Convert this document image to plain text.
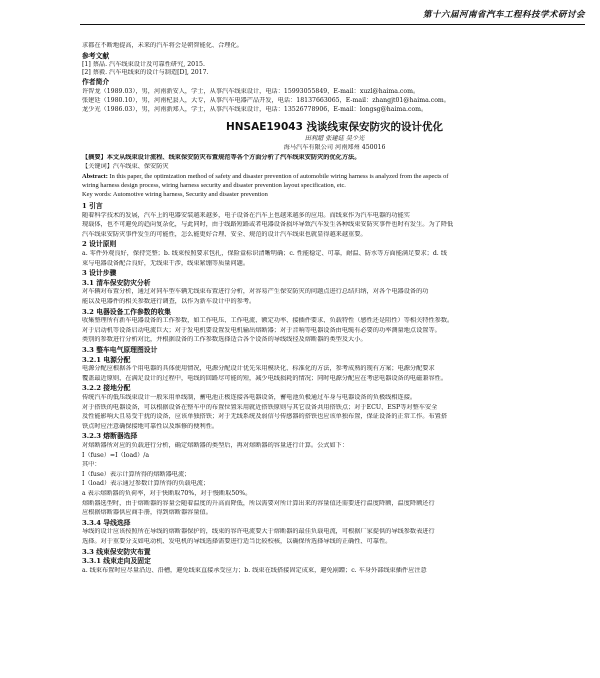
第十六届河南省汽车工程科技学术研讨会
求都在不断地提高，未来的汽车将会是朝智能化、合理化。
参考文献
[1] 蔡晶. 汽车线束设计及可靠性研究, 2015.
[2] 蔡毅. 汽车电线束的设计与制造[D], 2017.
作者简介
许智龙（1989.03），男，河南新安人，学士，从事汽车线束设计，电话：15993055849，E-mail：xuzl@haima.com。
张建廷（1980.10），男，河南杞县人，大专，从事汽车电器产品开发，电话：18137663065，E-mail：zhangjt01@haima.com。
龙少光（1986.03），男，河南新郑人，学士，从事汽车线束设计，电话：13526778906，E-mail：longsg@haima.com。
HNSAE19043 浅谈线束保安防灾的设计优化
田利超 张建廷 吴少光
海马汽车有限公司 河南郑州 450016
【摘要】本文从线束设计流程、线束保安防灾布置规范等各个方面分析了汽车线束安防灾的优化方法。
【关键词】汽车线束、保安防灾
Abstract: In this paper, the optimization method of safety and disaster prevention of automobile wiring harness is analyzed from the aspects of
wiring harness design process, wiring harness security and disaster prevention layout specification, etc.
Key words: Automotive wiring harness, Security and disaster prevention
1 引言
随着科学技术的发展，汽车上的电器安装越来越多，电子设备在汽车上也越来越多的应用。而线束作为汽车电器的功能实
现载体，也不可避免的趋向复杂化，与此同时，由于线路短路或者电器设备损坏导致汽车发生各种线束安防灾事件也时有发生。为了降低
汽车线束安防灾事件发生的可能性，怎么能更好合理、安全、规范的设计汽车线束也就显得越来越重要。
2 设计原则
a. 零件外观良好，保持完整；b. 线束按照要求包扎，保险盒标识清晰明确；c. 性能稳定、可靠，耐温、防水等方面能满足要求；d. 线
束与电器设备配合良好，无线束干涉，线束紧绷等质量问题。
3 设计步骤
3.1 清车保安防灾分析
对车辆对布置分析，通过对同车型车辆无线束布置进行分析，对容易产生保安防灾的问题点进行总结归纳，对各个电器设备的功
能以及电器件的相关参数进行调查，以作为新车设计中的参考。
3.2 电器设备工作参数的收集
收集整理所有新车电器设备的工作参数，如工作电压、工作电流、额定功率、接插件要求、负载特性（感性还是阻性）等相关特性参数。
对于启动机等设备启动电流巨大；对于发电机要设置发电机输出熔断器；对于音响等电器设备由电缆有必要的功率测量地点设置等。
类别的参数进行分析对比，并根据设备的工作参数选择适合各个设备的导线线径及熔断器的类型及大小。
3.3 整车电气原理图设计
3.2.1 电源分配
电源分配应根据各个用电器的具体使用情况，电源分配设计优先采用模块化、标准化的方法，参考成熟的现有方案；电源分配要求
覆盖最近原则，在满足设计的过程中，电线的回路尽可能的短，减少电线损耗的情况；同时电源分配应在考虑电器设备的电磁兼容性。
3.2.2 接地分配
传统汽车的低压线束设计一般采用单线制，蓄电池正极连接各电器设备，蓄电池负极通过车身与电器设备的负极线相连接。
对于搭铁的电器设备，可以根据设备在整车中的布置位置采用就近搭铁原则与其它设备共用搭铁点；对于ECU、ESP等对整车安全
及性能影响大且易受干扰的设备，应该单独搭铁；对于无线系统及弱信号传感器的搭铁也应该单独布置，保证设备的正常工作。布置搭
铁点时应注意确保接地可靠性以及维修的便利性。
3.2.3 熔断器选择
对熔断器所对应的负载进行分析，确定熔断器的类型后，再对熔断器的容量进行计算。公式如下：
I（fuse）=I（load）/a
其中：
I（fuse）表示计算所得的熔断器电流；
I（load）表示通过参数计算所得的负载电流；
a 表示熔断器的负荷率，对于快断取70%，对于慢断取50%。
熔断器选型时，由于熔断器的容量会随着温度的升高而降低，所以需要对所计算出来的容量值还需要进行温度降额，温度降额还行
应根据熔断器供应商手册，得到熔断器容量值。
3.3.4 导线选择
导线的设计应该按照所在导线的熔断器保护的，线束的容许电流要大于熔断器的最佳负载电流，可根据厂家提供的导线参数表进行
选择。对于重要分支如电动机、发电机的导线选择需要进行适当比较校核，以确保所选择导线的正确性、可靠性。
3.3 线束保安防灾布置
3.3.1 线束走向及固定
a. 线束布置时应尽量沿边、沿槽，避免线束直接承受应力；b. 线束在线搭接固定成束，避免剐蹭；c. 车身外部线束插件应注意
